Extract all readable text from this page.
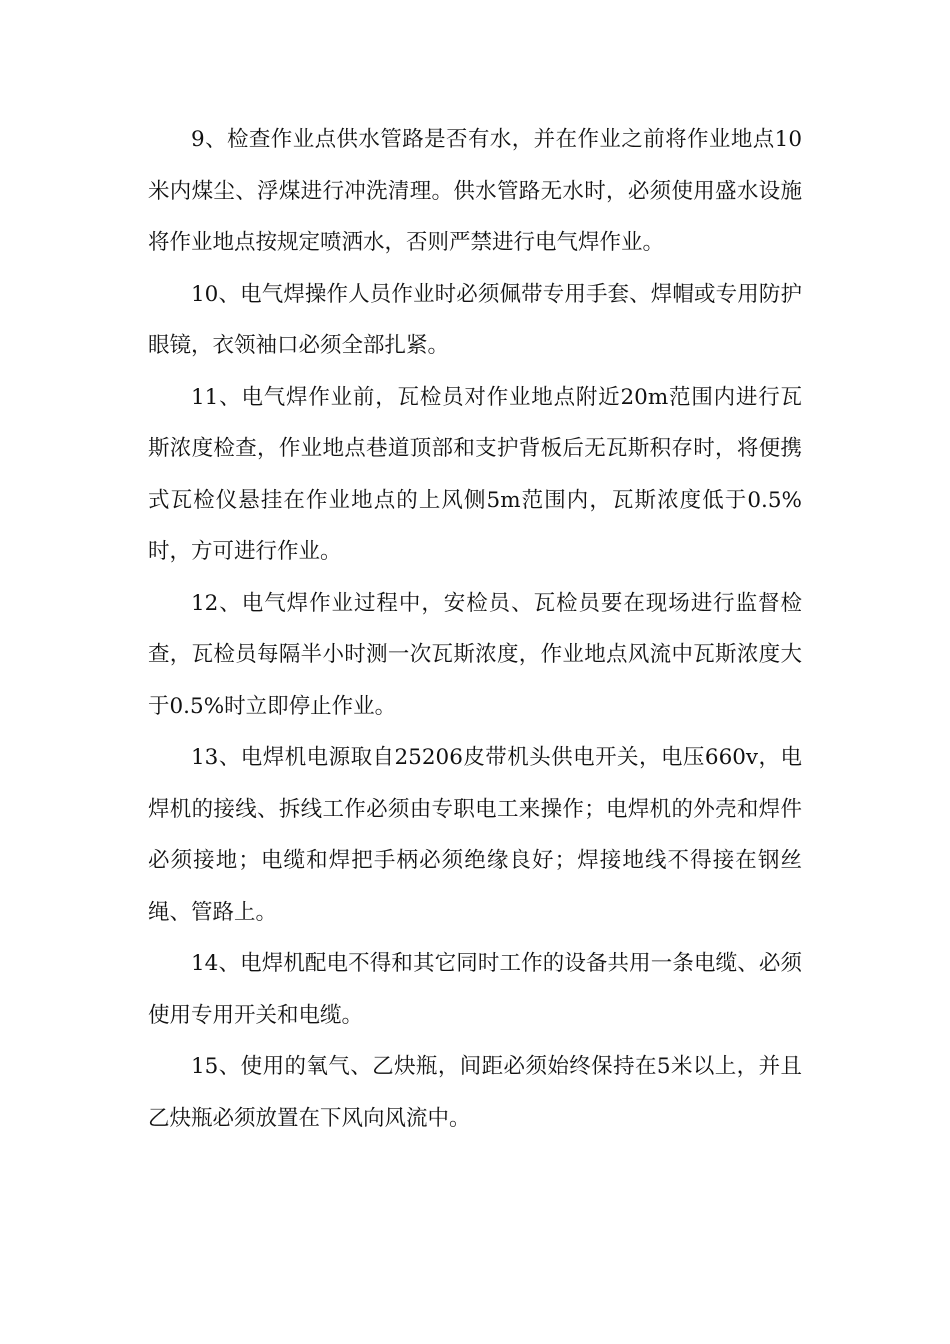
9、检查作业点供水管路是否有水，并在作业之前将作业地点10米内煤尘、浮煤进行冲洗清理。供水管路无水时，必须使用盛水设施将作业地点按规定喷洒水，否则严禁进行电气焊作业。

10、电气焊操作人员作业时必须佩带专用手套、焊帽或专用防护眼镜，衣领袖口必须全部扎紧。

11、电气焊作业前，瓦检员对作业地点附近20m范围内进行瓦斯浓度检查，作业地点巷道顶部和支护背板后无瓦斯积存时，将便携式瓦检仪悬挂在作业地点的上风侧5m范围内，瓦斯浓度低于0.5%时，方可进行作业。

12、电气焊作业过程中，安检员、瓦检员要在现场进行监督检查，瓦检员每隔半小时测一次瓦斯浓度，作业地点风流中瓦斯浓度大于0.5%时立即停止作业。

13、电焊机电源取自25206皮带机头供电开关，电压660v，电焊机的接线、拆线工作必须由专职电工来操作；电焊机的外壳和焊件必须接地；电缆和焊把手柄必须绝缘良好；焊接地线不得接在钢丝绳、管路上。

14、电焊机配电不得和其它同时工作的设备共用一条电缆、必须使用专用开关和电缆。

15、使用的氧气、乙炔瓶，间距必须始终保持在5米以上，并且乙炔瓶必须放置在下风向风流中。
